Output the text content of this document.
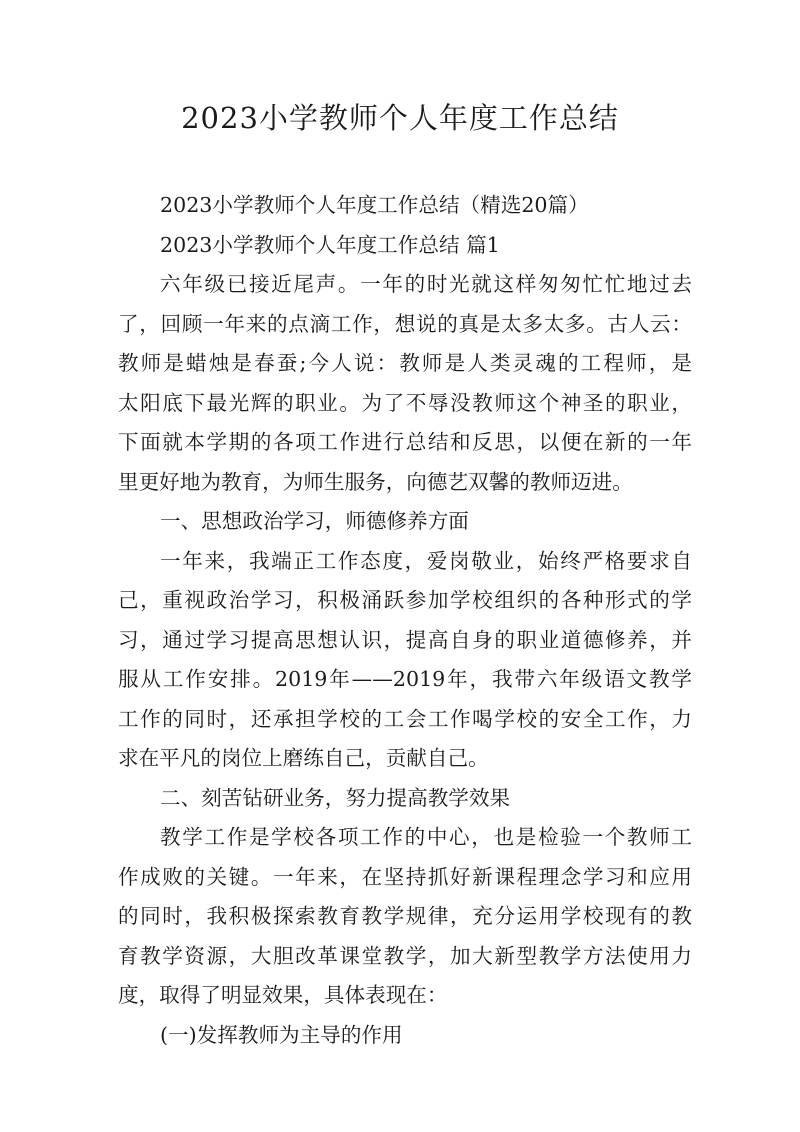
2023小学教师个人年度工作总结

2023小学教师个人年度工作总结（精选20篇）

2023小学教师个人年度工作总结 篇1

六年级已接近尾声。一年的时光就这样匆匆忙忙地过去

了，回顾一年来的点滴工作，想说的真是太多太多。古人云：

教师是蜡烛是春蚕;今人说：教师是人类灵魂的工程师，是

太阳底下最光辉的职业。为了不辱没教师这个神圣的职业，

下面就本学期的各项工作进行总结和反思，以便在新的一年

里更好地为教育，为师生服务，向德艺双馨的教师迈进。

一、思想政治学习，师德修养方面

一年来，我端正工作态度，爱岗敬业，始终严格要求自

己，重视政治学习，积极涌跃参加学校组织的各种形式的学

习，通过学习提高思想认识，提高自身的职业道德修养，并

服从工作安排。2019年——2019年，我带六年级语文教学

工作的同时，还承担学校的工会工作喝学校的安全工作，力

求在平凡的岗位上磨练自己，贡献自己。

二、刻苦钻研业务，努力提高教学效果

教学工作是学校各项工作的中心，也是检验一个教师工

作成败的关键。一年来，在坚持抓好新课程理念学习和应用

的同时，我积极探索教育教学规律，充分运用学校现有的教

育教学资源，大胆改革课堂教学，加大新型教学方法使用力

度，取得了明显效果，具体表现在：

(一)发挥教师为主导的作用
